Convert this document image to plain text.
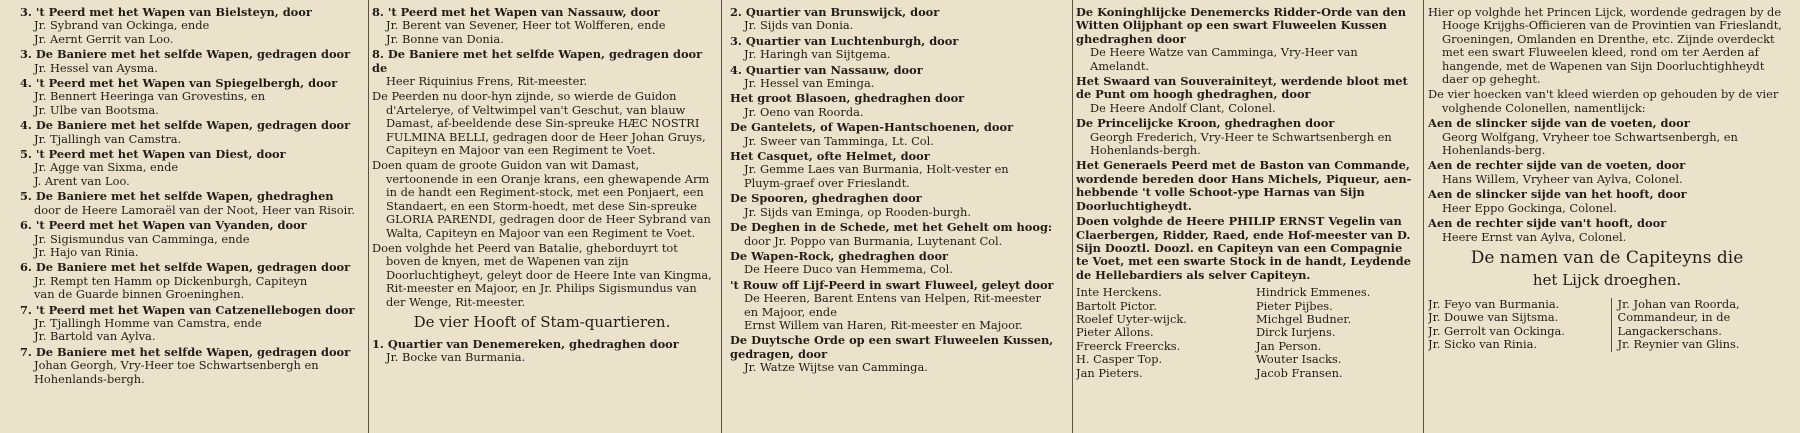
3. 't Peerd met het Wapen van Bielsteyn, door
Jr. Sybrand van Ockinga, ende
Jr. Aernt Gerrit van Loo.
3. De Baniere met het selfde Wapen, gedragen door
Jr. Hessel van Aysma.
4. 't Peerd met het Wapen van Spiegelbergh, door
Jr. Bennert Heeringa van Grovestins, en
Jr. Ulbe van Bootsma.
4. De Baniere met het selfde Wapen, gedragen door
Jr. Tjallingh van Camstra.
5. 't Peerd met het Wapen van Diest, door
Jr. Agge van Sixma, ende
J. Arent van Loo.
5. De Baniere met het selfde Wapen, ghedraghen
door de Heere Lamoraël van der Noot, Heer van Risoir.
6. 't Peerd met het Wapen van Vyanden, door
Jr. Sigismundus van Camminga, ende
Jr. Hajo van Rinia.
6. De Baniere met het selfde Wapen, gedragen door
Jr. Rempt ten Hamm op Dickenburgh, Capiteyn
van de Guarde binnen Groeninghen.
7. 't Peerd met het Wapen van Catzenellebogen door
Jr. Tjallingh Homme van Camstra, ende
Jr. Bartold van Aylva.
7. De Baniere met het selfde Wapen, gedragen door
Johan Georgh, Vry-Heer toe Schwartsenbergh en
Hohenlands-bergh.
8. 't Peerd met het Wapen van Nassauw, door
Jr. Berent van Sevener, Heer tot Wolfferen, ende
Jr. Bonne van Donia.
8. De Baniere met het selfde Wapen, gedragen door de
Heer Riquinius Frens, Rit-meester.
De Peerden nu door-hyn zijnde, so wierde de Guidon d'Artelerye, of Veltwimpel van't Geschut, van blauw Damast, af-beeldende dese Sin-spreuke HÆC NOSTRI FULMINA BELLI, gedragen door de Heer Johan Gruys, Capiteyn en Majoor van een Regiment te Voet.
Doen quam de groote Guidon van wit Damast, vertoonende in een Oranje krans, een ghewapende Arm in de handt een Regiment-stock, met een Ponjaert, een Standaert, en een Storm-hoedt, met dese Sin-spreuke GLORIA PARENDI, gedragen door de Heer Sybrand van Walta, Capiteyn en Majoor van een Regiment te Voet.
Doen volghde het Peerd van Batalie, gheborduyrt tot boven de knyen, met de Wapenen van zijn Doorluchtigheyt, geleyt door de Heere Inte van Kingma, Rit-meester en Majoor, en Jr. Philips Sigismundus van der Wenge, Rit-meester.
De vier Hooft of Stam-quartieren.
1. Quartier van Denemereken, ghedraghen door
Jr. Bocke van Burmania.
2. Quartier van Brunswijck, door
Jr. Sijds van Donia.
3. Quartier van Luchtenburgh, door
Jr. Haringh van Sijtgema.
4. Quartier van Nassauw, door
Jr. Hessel van Eminga.
Het groot Blasoen, ghedraghen door
Jr. Oeno van Roorda.
De Gantelets, of Wapen-Hantschoenen, door
Jr. Sweer van Tamminga, Lt. Col.
Het Casquet, ofte Helmet, door
Jr. Gemme Laes van Burmania, Holt-vester en
Pluym-graef over Frieslandt.
De Spooren, ghedraghen door
Jr. Sijds van Eminga, op Rooden-burgh.
De Deghen in de Schede, met het Gehelt om hoog:
door Jr. Poppo van Burmania, Luytenant Col.
De Wapen-Rock, ghedraghen door
De Heere Duco van Hemmema, Col.
't Rouw off Lijf-Peerd in swart Fluweel, geleyt door
De Heeren, Barent Entens van Helpen, Rit-meester
en Majoor, ende
Ernst Willem van Haren, Rit-meester en Majoor.
De Duytsche Orde op een swart Fluweelen Kussen, gedragen, door
Jr. Watze Wijtse van Camminga.
De Koninghlijcke Denemercks Ridder-Orde van den Witten Olijphant op een swart Fluweelen Kussen ghedraghen door
De Heere Watze van Camminga, Vry-Heer van Amelandt.
Het Swaard van Souverainiteyt, werdende bloot met de Punt om hoogh ghedraghen, door
De Heere Andolf Clant, Colonel.
De Princelijcke Kroon, ghedraghen door
Georgh Frederich, Vry-Heer te Schwartsenbergh en
Hohenlands-bergh.
Het Generaels Peerd met de Baston van Commande, wordende bereden door Hans Michels, Piqueur, aen-hebbende 't volle Schoot-ype Harnas van Sijn Doorluchtigheydt.
Doen volghde de Heere PHILIP ERNST Vegelin van Claerbergen, Ridder, Raed, ende Hof-meester van D. Sijn Dooztl. Doozl. en Capiteyn van een Compagnie te Voet, met een swarte Stock in de handt, Leydende de Hellebardiers als selver Capiteyn.
Inte Herckens.
Bartolt Pictor.
Roelef Uyter-wijck.
Pieter Allons.
Freerck Freercks.
H. Casper Top.
Jan Pieters.
Hindrick Emmenes.
Pieter Pijbes.
Michgel Budner.
Dirck Iurjens.
Jan Person.
Wouter Isacks.
Jacob Fransen.
Hier op volghde het Princen Lijck, wordende gedragen by de Hooge Krijghs-Officieren van de Provintien van Frieslandt, Groeningen, Omlanden en Drenthe, etc. Zijnde overdeckt met een swart Fluweelen kleed, rond om ter Aerden af hangende, met de Wapenen van Sijn Doorluchtighheydt daer op geheght.
De vier hoecken van't kleed wierden op gehouden by de vier volghende Colonellen, namentlijck:
Aen de slincker sijde van de voeten, door
Georg Wolfgang, Vryheer toe Schwartsenbergh, en Hohenlands-berg.
Aen de rechter sijde van de voeten, door
Hans Willem, Vryheer van Aylva, Colonel.
Aen de slincker sijde van het hooft, door
Heer Eppo Gockinga, Colonel.
Aen de rechter sijde van't hooft, door
Heere Ernst van Aylva, Colonel.
De namen van de Capiteyns die
het Lijck droeghen.
Jr. Feyo van Burmania.
Jr. Douwe van Sijtsma.
Jr. Gerrolt van Ockinga.
Jr. Sicko van Rinia.
Jr. Johan van Roorda, Commandeur, in de Langackerschans.
Jr. Reynier van Glins.
